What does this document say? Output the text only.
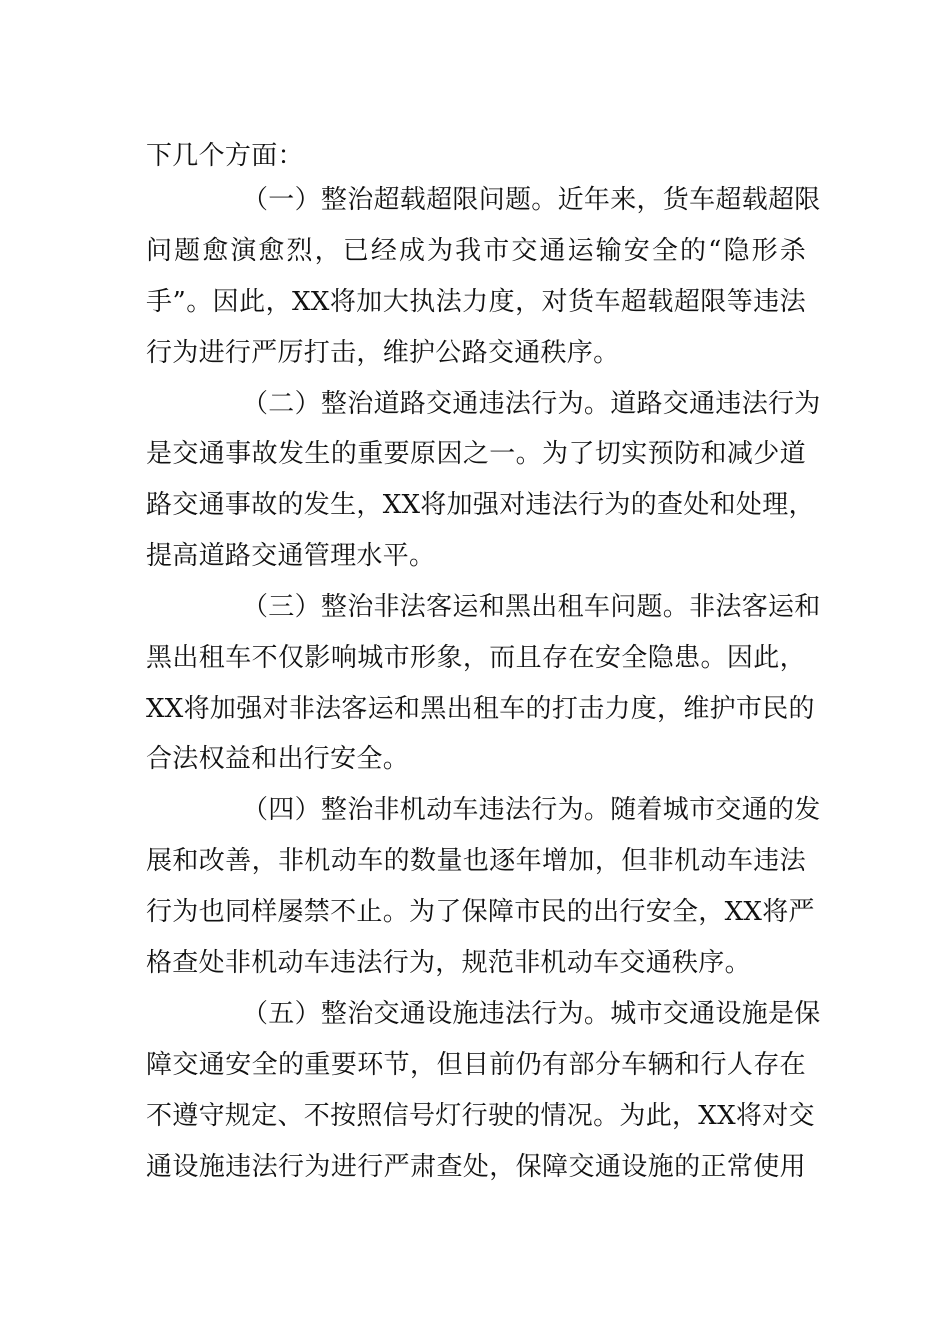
下几个方面：
（一）整治超载超限问题。近年来，货车超载超限
问题愈演愈烈，已经成为我市交通运输安全的“隐形杀
手”。因此，XX将加大执法力度，对货车超载超限等违法
行为进行严厉打击，维护公路交通秩序。
（二）整治道路交通违法行为。道路交通违法行为
是交通事故发生的重要原因之一。为了切实预防和减少道
路交通事故的发生，XX将加强对违法行为的查处和处理，
提高道路交通管理水平。
（三）整治非法客运和黑出租车问题。非法客运和
黑出租车不仅影响城市形象，而且存在安全隐患。因此，
XX将加强对非法客运和黑出租车的打击力度，维护市民的
合法权益和出行安全。
（四）整治非机动车违法行为。随着城市交通的发
展和改善，非机动车的数量也逐年增加，但非机动车违法
行为也同样屡禁不止。为了保障市民的出行安全，XX将严
格查处非机动车违法行为，规范非机动车交通秩序。
（五）整治交通设施违法行为。城市交通设施是保
障交通安全的重要环节，但目前仍有部分车辆和行人存在
不遵守规定、不按照信号灯行驶的情况。为此，XX将对交
通设施违法行为进行严肃查处，保障交通设施的正常使用
